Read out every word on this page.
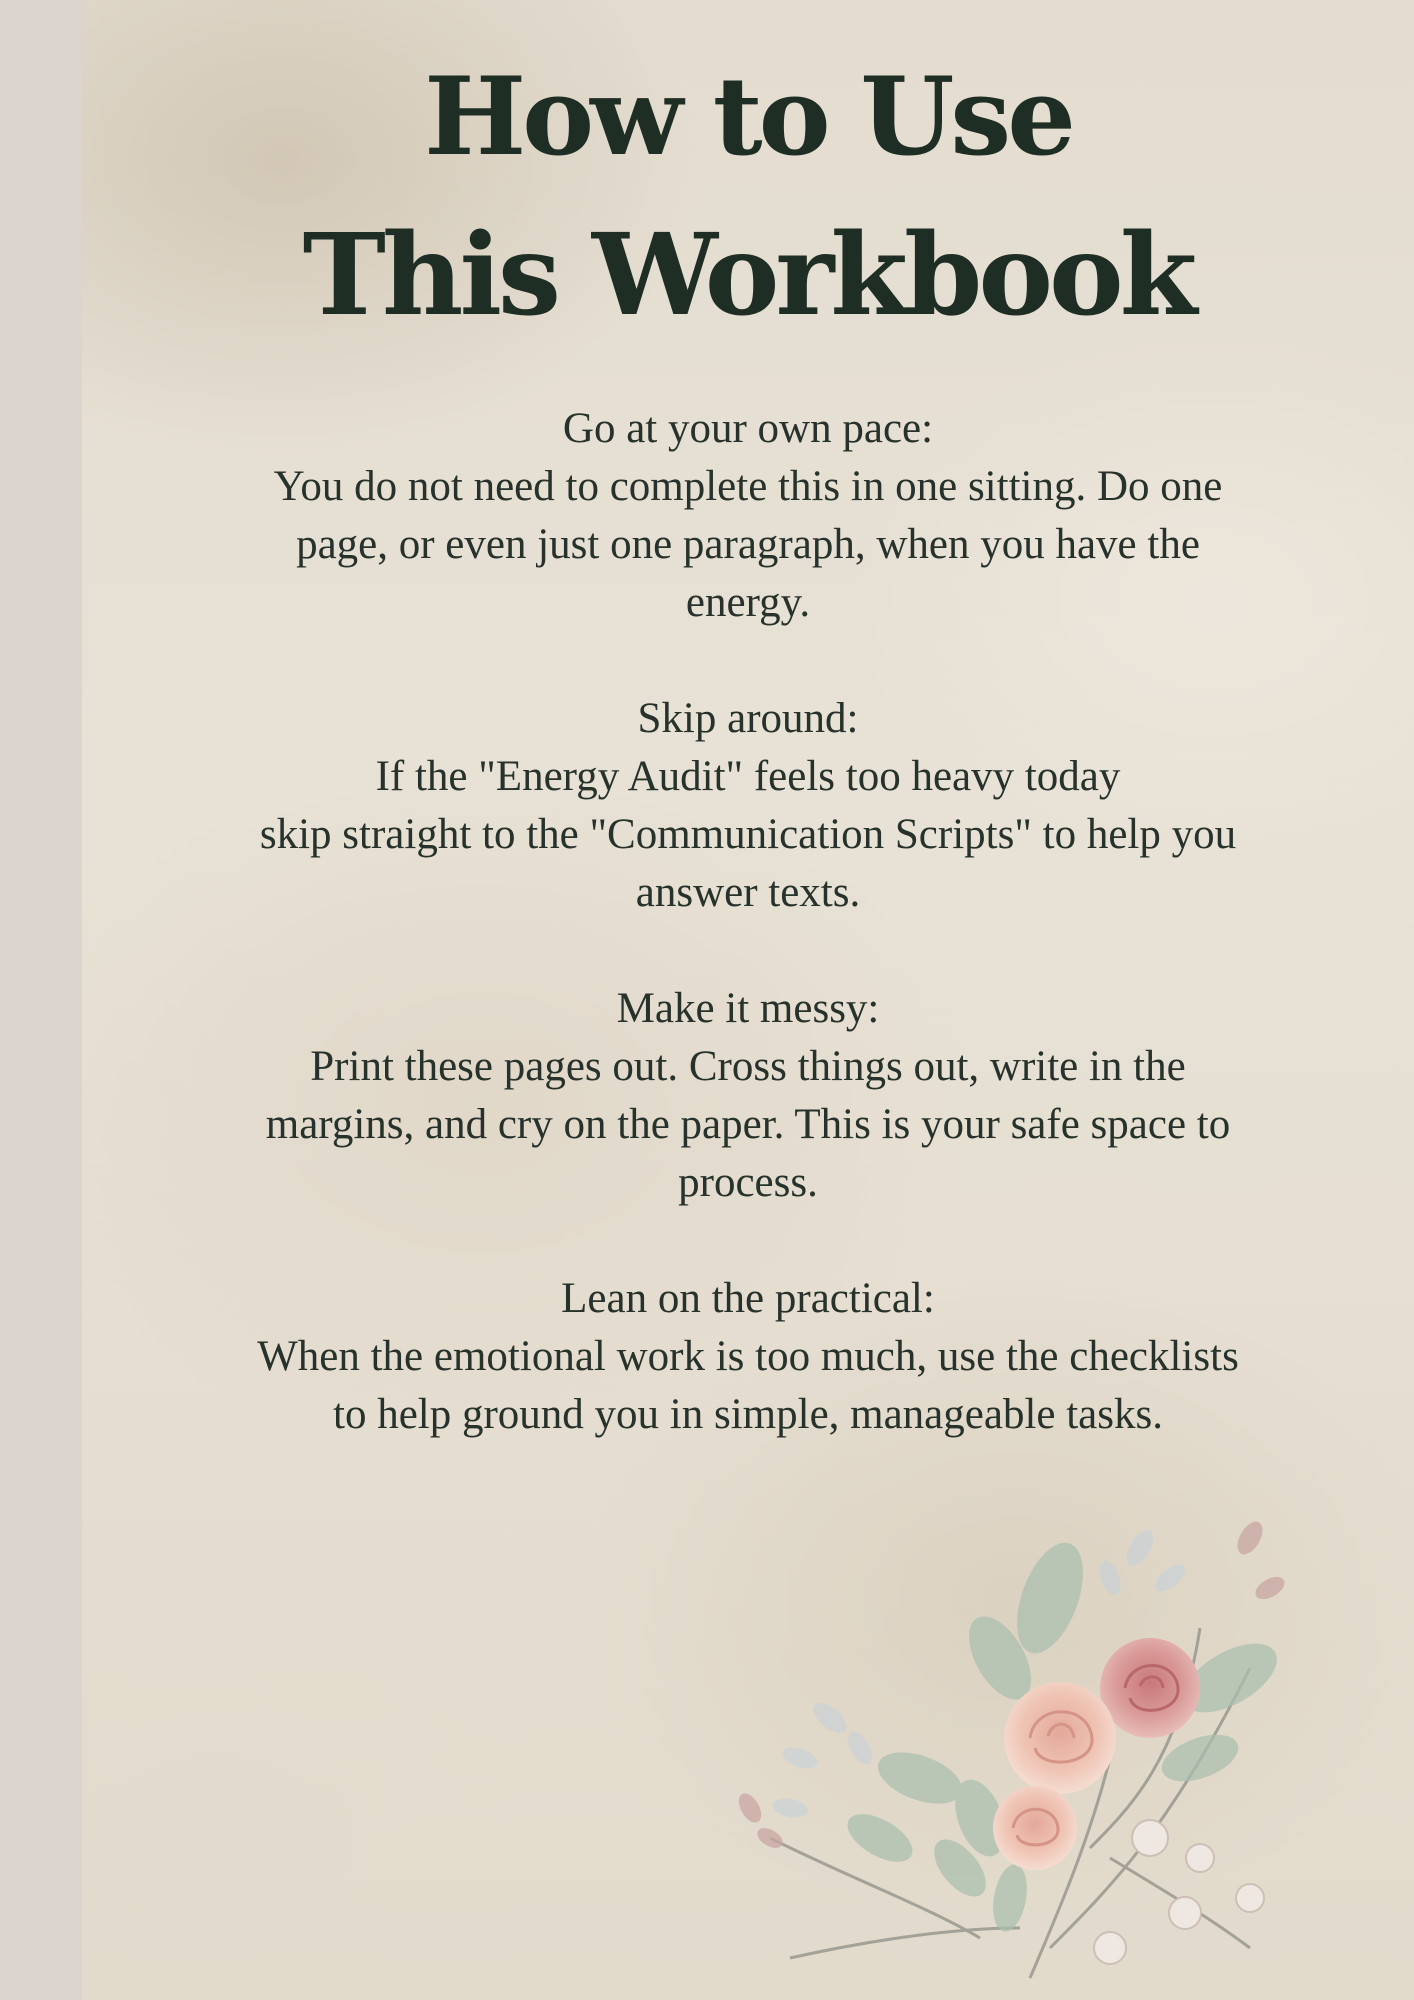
How to Use
This Workbook

Go at your own pace:

You do not need to complete this in one sitting. Do one

page, or even just one paragraph, when you have the

energy.

Skip around:

If the "Energy Audit" feels too heavy today

skip straight to the "Communication Scripts" to help you

answer texts.

Make it messy:

Print these pages out. Cross things out, write in the

margins, and cry on the paper. This is your safe space to

process.

Lean on the practical:

When the emotional work is too much, use the checklists

to help ground you in simple, manageable tasks.
